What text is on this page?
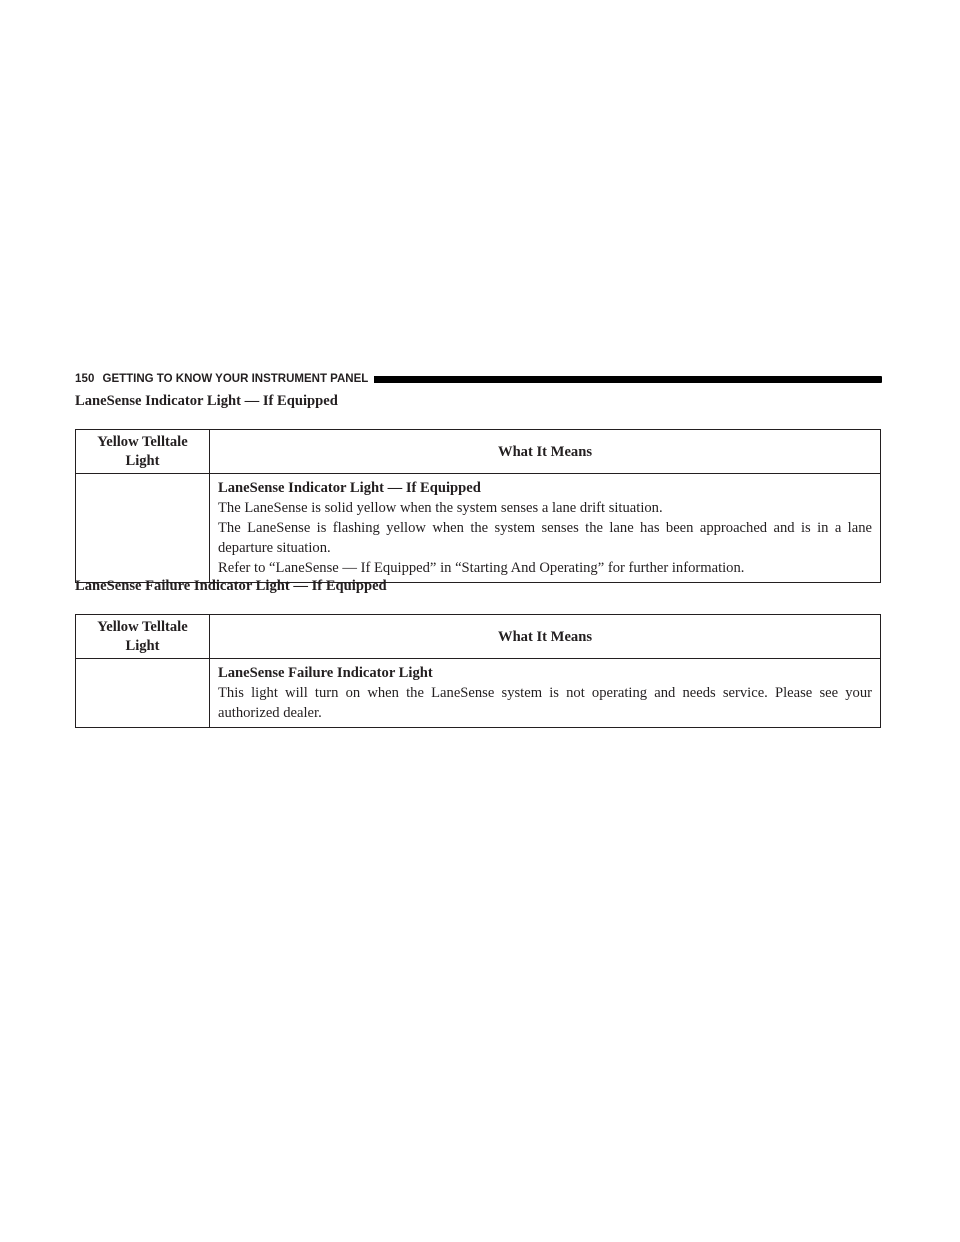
150 GETTING TO KNOW YOUR INSTRUMENT PANEL
LaneSense Indicator Light — If Equipped
Yellow Telltale Light	What It Means

	LaneSense Indicator Light — If Equipped
The LaneSense is solid yellow when the system senses a lane drift situation.
The LaneSense is flashing yellow when the system senses the lane has been approached and is in a lane departure situation.
Refer to “LaneSense — If Equipped” in “Starting And Operating” for further information.
LaneSense Failure Indicator Light — If Equipped
Yellow Telltale Light	What It Means

	LaneSense Failure Indicator Light
This light will turn on when the LaneSense system is not operating and needs service. Please see your authorized dealer.
